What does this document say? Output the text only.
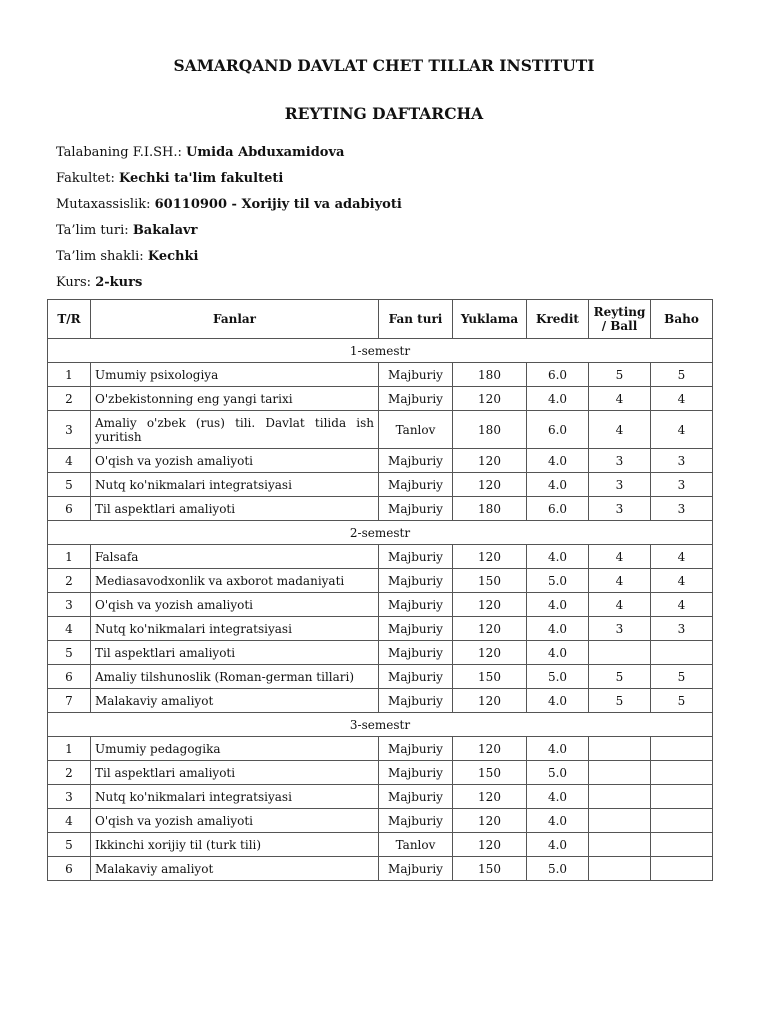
SAMARQAND DAVLAT CHET TILLAR INSTITUTI
REYTING DAFTARCHA
Talabaning F.I.SH.: Umida Abduxamidova
Fakultet: Kechki ta'lim fakulteti
Mutaxassislik: 60110900 - Xorijiy til va adabiyoti
Ta’lim turi: Bakalavr
Ta’lim shakli: Kechki
Kurs: 2-kurs
T/R	Fanlar	Fan turi	Yuklama	Kredit	Reyting / Ball	Baho
1-semestr						
1	Umumiy psixologiya	Majburiy	180	6.0	5	5
2	O'zbekistonning eng yangi tarixi	Majburiy	120	4.0	4	4
3	Amaliy o'zbek (rus) tili. Davlat tilida ish yuritish	Tanlov	180	6.0	4	4
4	O'qish va yozish amaliyoti	Majburiy	120	4.0	3	3
5	Nutq ko'nikmalari integratsiyasi	Majburiy	120	4.0	3	3
6	Til aspektlari amaliyoti	Majburiy	180	6.0	3	3
2-semestr						
1	Falsafa	Majburiy	120	4.0	4	4
2	Mediasavodxonlik va axborot madaniyati	Majburiy	150	5.0	4	4
3	O'qish va yozish amaliyoti	Majburiy	120	4.0	4	4
4	Nutq ko'nikmalari integratsiyasi	Majburiy	120	4.0	3	3
5	Til aspektlari amaliyoti	Majburiy	120	4.0		
6	Amaliy tilshunoslik (Roman-german tillari)	Majburiy	150	5.0	5	5
7	Malakaviy amaliyot	Majburiy	120	4.0	5	5
3-semestr						
1	Umumiy pedagogika	Majburiy	120	4.0		
2	Til aspektlari amaliyoti	Majburiy	150	5.0		
3	Nutq ko'nikmalari integratsiyasi	Majburiy	120	4.0		
4	O'qish va yozish amaliyoti	Majburiy	120	4.0		
5	Ikkinchi xorijiy til (turk tili)	Tanlov	120	4.0		
6	Malakaviy amaliyot	Majburiy	150	5.0		
